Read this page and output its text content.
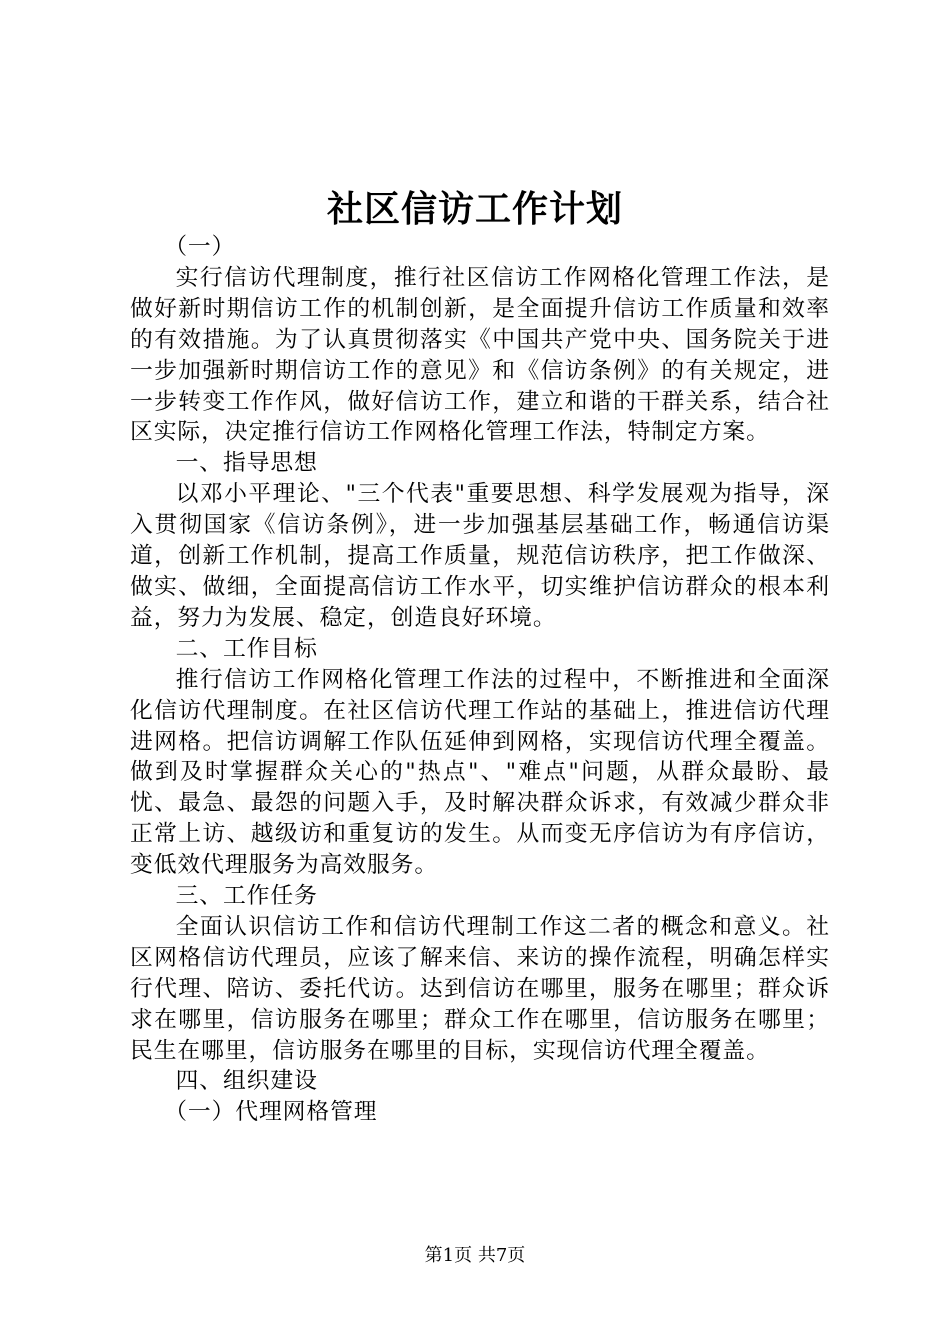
社区信访工作计划

（一）

实行信访代理制度，推行社区信访工作网格化管理工作法，是做好新时期信访工作的机制创新，是全面提升信访工作质量和效率的有效措施。为了认真贯彻落实《中国共产党中央、国务院关于进一步加强新时期信访工作的意见》和《信访条例》的有关规定，进一步转变工作作风，做好信访工作，建立和谐的干群关系，结合社区实际，决定推行信访工作网格化管理工作法，特制定方案。

一、指导思想

以邓小平理论、"三个代表"重要思想、科学发展观为指导，深入贯彻国家《信访条例》，进一步加强基层基础工作，畅通信访渠道，创新工作机制，提高工作质量，规范信访秩序，把工作做深、做实、做细，全面提高信访工作水平，切实维护信访群众的根本利益，努力为发展、稳定，创造良好环境。

二、工作目标

推行信访工作网格化管理工作法的过程中，不断推进和全面深化信访代理制度。在社区信访代理工作站的基础上，推进信访代理进网格。把信访调解工作队伍延伸到网格，实现信访代理全覆盖。做到及时掌握群众关心的"热点"、"难点"问题，从群众最盼、最忧、最急、最怨的问题入手，及时解决群众诉求，有效减少群众非正常上访、越级访和重复访的发生。从而变无序信访为有序信访，变低效代理服务为高效服务。

三、工作任务

全面认识信访工作和信访代理制工作这二者的概念和意义。社区网格信访代理员，应该了解来信、来访的操作流程，明确怎样实行代理、陪访、委托代访。达到信访在哪里，服务在哪里；群众诉求在哪里，信访服务在哪里；群众工作在哪里，信访服务在哪里；民生在哪里，信访服务在哪里的目标，实现信访代理全覆盖。

四、组织建设

（一）代理网格管理

第1页 共7页
